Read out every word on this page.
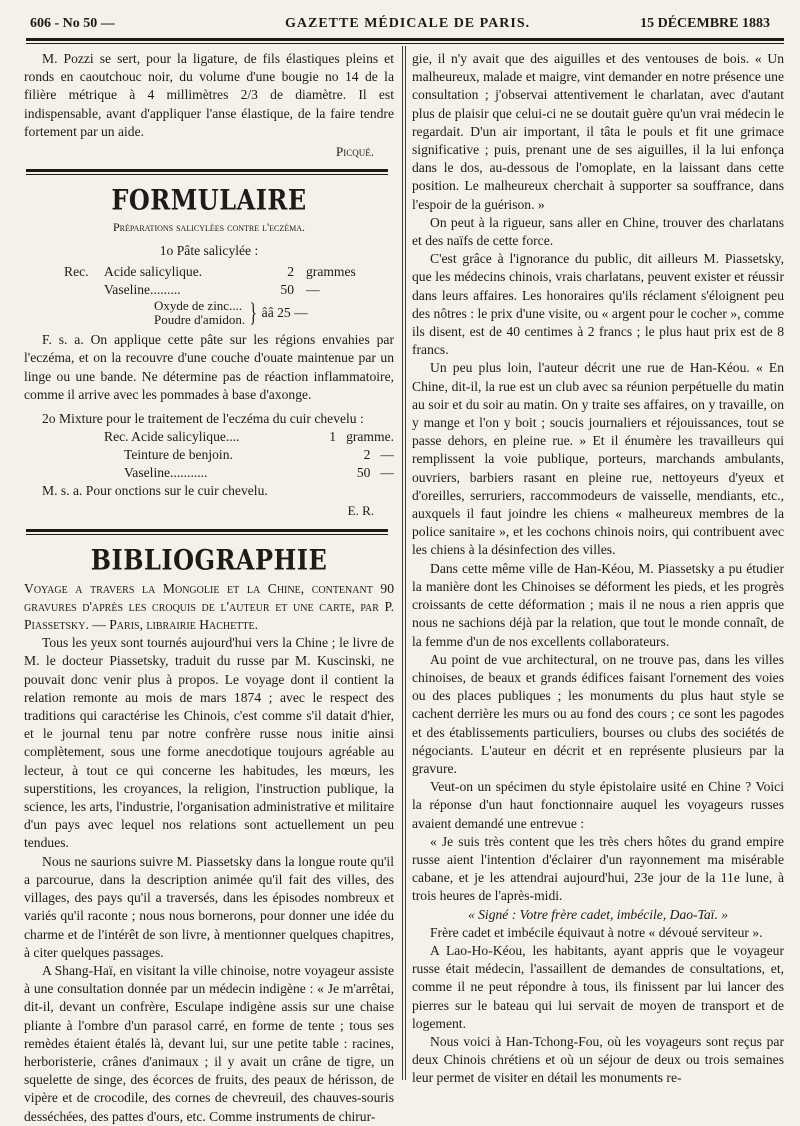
606 - No 50 —	GAZETTE MÉDICALE DE PARIS.	15 DÉCEMBRE 1883

M. Pozzi se sert, pour la ligature, de fils élastiques pleins et ronds en caoutchouc noir, du volume d'une bougie no 14 de la filière métrique à 4 millimètres 2/3 de diamètre. Il est indispensable, avant d'appliquer l'anse élastique, de la faire tendre fortement par un aide.

Picqué.

FORMULAIRE
Préparations salicylées contre l'eczéma.
1o Pâte salicylée :
Rec.	Acide salicylique.	2 grammes
Vaseline.........	50 —
Oxyde de zinc....
Poudre d'amidon. } ââ 25 —

F. s. a. On applique cette pâte sur les régions envahies par l'eczéma, et on la recouvre d'une couche d'ouate maintenue par un linge ou une bande. Ne détermine pas de réaction inflammatoire, comme il arrive avec les pommades à base d'axonge.

2o Mixture pour le traitement de l'eczéma du cuir chevelu :

Rec. Acide salicylique....	1 gramme.
Teinture de benjoin.	2 —
Vaseline...........	50 —

M. s. a. Pour onctions sur le cuir chevelu.

E. R.

BIBLIOGRAPHIE

Voyage a travers la Mongolie et la Chine, contenant 90 gravures d'après les croquis de l'auteur et une carte, par P. Piassetsky. — Paris, librairie Hachette.

Tous les yeux sont tournés aujourd'hui vers la Chine ; le livre de M. le docteur Piassetsky, traduit du russe par M. Kuscinski, ne pouvait donc venir plus à propos. Le voyage dont il contient la relation remonte au mois de mars 1874 ; avec le respect des traditions qui caractérise les Chinois, c'est comme s'il datait d'hier, et le journal tenu par notre confrère russe nous initie ainsi complètement, sous une forme anecdotique toujours agréable au lecteur, à tout ce qui concerne les habitudes, les mœurs, les superstitions, les croyances, la religion, l'instruction publique, la science, les arts, l'industrie, l'organisation administrative et militaire d'un pays avec lequel nos relations sont actuellement un peu tendues.

Nous ne saurions suivre M. Piassetsky dans la longue route qu'il a parcourue, dans la description animée qu'il fait des villes, des villages, des pays qu'il a traversés, dans les épisodes nombreux et variés qu'il raconte ; nous nous bornerons, pour donner une idée du charme et de l'intérêt de son livre, à mentionner quelques chapitres, à citer quelques passages.

A Shang-Haï, en visitant la ville chinoise, notre voyageur assiste à une consultation donnée par un médecin indigène : « Je m'arrêtai, dit-il, devant un confrère, Esculape indigène assis sur une chaise pliante à l'ombre d'un parasol carré, en forme de tente ; tous ses remèdes étaient étalés là, devant lui, sur une petite table : racines, herboristerie, crânes d'animaux ; il y avait un crâne de tigre, un squelette de singe, des écorces de fruits, des peaux de hérisson, de vipère et de crocodile, des cornes de chevreuil, des chauves-souris desséchées, des pattes d'ours, etc. Comme instruments de chirur-

gie, il n'y avait que des aiguilles et des ventouses de bois. « Un malheureux, malade et maigre, vint demander en notre présence une consultation ; j'observai attentivement le charlatan, avec d'autant plus de plaisir que celui-ci ne se doutait guère qu'un vrai médecin le regardait. D'un air important, il tâta le pouls et fit une grimace significative ; puis, prenant une de ses aiguilles, il la lui enfonça dans le dos, au-dessous de l'omoplate, en la laissant dans cette position. Le malheureux cherchait à supporter sa souffrance, dans l'espoir de la guérison. »

On peut à la rigueur, sans aller en Chine, trouver des charlatans et des naïfs de cette force.

C'est grâce à l'ignorance du public, dit ailleurs M. Piassetsky, que les médecins chinois, vrais charlatans, peuvent exister et réussir dans leurs affaires. Les honoraires qu'ils réclament s'éloignent peu des nôtres : le prix d'une visite, ou « argent pour le cocher », comme ils disent, est de 40 centimes à 2 francs ; le plus haut prix est de 8 francs.

Un peu plus loin, l'auteur décrit une rue de Han-Kéou. « En Chine, dit-il, la rue est un club avec sa réunion perpétuelle du matin au soir et du soir au matin. On y traite ses affaires, on y travaille, on y mange et l'on y boit ; soucis journaliers et réjouissances, tout se passe dehors, en pleine rue. » Et il énumère les travailleurs qui remplissent la voie publique, porteurs, marchands ambulants, ouvriers, barbiers rasant en pleine rue, nettoyeurs d'yeux et d'oreilles, serruriers, raccommodeurs de vaisselle, mendiants, etc., auxquels il faut joindre les chiens « malheureux membres de la police sanitaire », et les cochons chinois noirs, qui contribuent avec les chiens à la désinfection des villes.

Dans cette même ville de Han-Kéou, M. Piassetsky a pu étudier la manière dont les Chinoises se déforment les pieds, et les progrès croissants de cette déformation ; mais il ne nous a rien appris que nous ne sachions déjà par la relation, que tout le monde connaît, de la femme d'un de nos excellents collaborateurs.

Au point de vue architectural, on ne trouve pas, dans les villes chinoises, de beaux et grands édifices faisant l'ornement des voies ou des places publiques ; les monuments du plus haut style se cachent derrière les murs ou au fond des cours ; ce sont les pagodes et des établissements particuliers, bourses ou clubs des sociétés de négociants. L'auteur en décrit et en représente plusieurs par la gravure.

Veut-on un spécimen du style épistolaire usité en Chine ? Voici la réponse d'un haut fonctionnaire auquel les voyageurs russes avaient demandé une entrevue :

« Je suis très content que les très chers hôtes du grand empire russe aient l'intention d'éclairer d'un rayonnement ma misérable cabane, et je les attendrai aujourd'hui, 23e jour de la 11e lune, à trois heures de l'après-midi.

« Signé : Votre frère cadet, imbécile, Dao-Taï. »

Frère cadet et imbécile équivaut à notre « dévoué serviteur ».

A Lao-Ho-Kéou, les habitants, ayant appris que le voyageur russe était médecin, l'assaillent de demandes de consultations, et, comme il ne peut répondre à tous, ils finissent par lui lancer des pierres sur le bateau qui lui servait de moyen de transport et de logement.

Nous voici à Han-Tchong-Fou, où les voyageurs sont reçus par deux Chinois chrétiens et où un séjour de deux ou trois semaines leur permet de visiter en détail les monuments re-
